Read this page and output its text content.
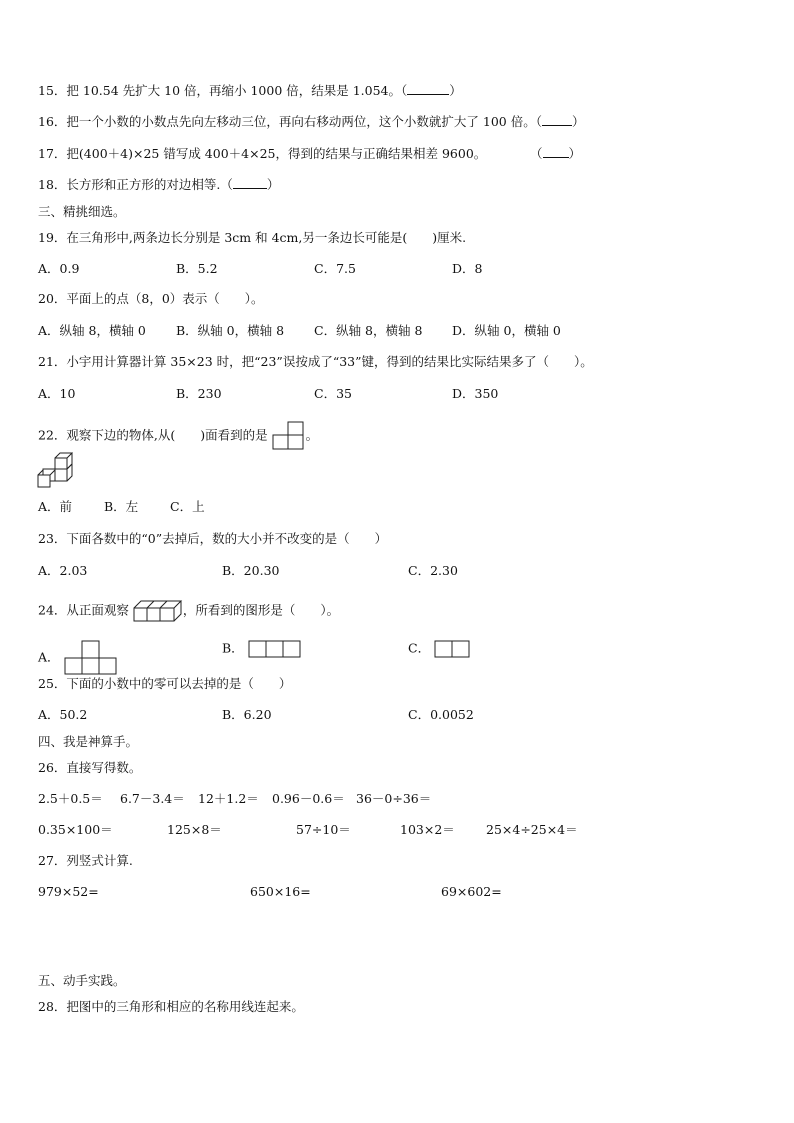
15．把 10.54 先扩大 10 倍，再缩小 1000 倍，结果是 1.054。（	）
16．把一个小数的小数点先向左移动三位，再向右移动两位，这个小数就扩大了 100 倍。（ ）
17．把(400＋4)×25 错写成 400＋4×25，得到的结果与正确结果相差 9600。	（ ）
18．长方形和正方形的对边相等.（	）
三、精挑细选。
19．在三角形中,两条边长分别是 3cm 和 4cm,另一条边长可能是(　　)厘米.
A．0.9	B．5.2	C．7.5	D．8
20．平面上的点（8，0）表示（　　）。
A．纵轴 8，横轴 0 B．纵轴 0，横轴 8 C．纵轴 8，横轴 8 D．纵轴 0，横轴 0
21．小宇用计算器计算 35×23 时，把“23”误按成了“33”键，得到的结果比实际结果多了（　　）。
A．10	B．230	C．35	D．350
22．观察下边的物体,从(　　)面看到的是	。
A．前	B．左	C．上
23．下面各数中的“0”去掉后，数的大小并不改变的是（　　）
A．2.03	B．20.30	C．2.30
24．从正面观察	，所看到的图形是（　　）。
A．
B．	C．
25．下面的小数中的零可以去掉的是（　　）
A．50.2	B．6.20	C．0.0052
四、我是神算手。
26．直接写得数。
2.5＋0.5＝ 6.7－3.4＝ 12＋1.2＝ 0.96－0.6＝ 36－0÷36＝
0.35×100＝	125×8＝	57÷10＝	103×2＝ 25×4÷25×4＝
27．列竖式计算.
979×52=	650×16=	69×602=
五、动手实践。
28．把图中的三角形和相应的名称用线连起来。
